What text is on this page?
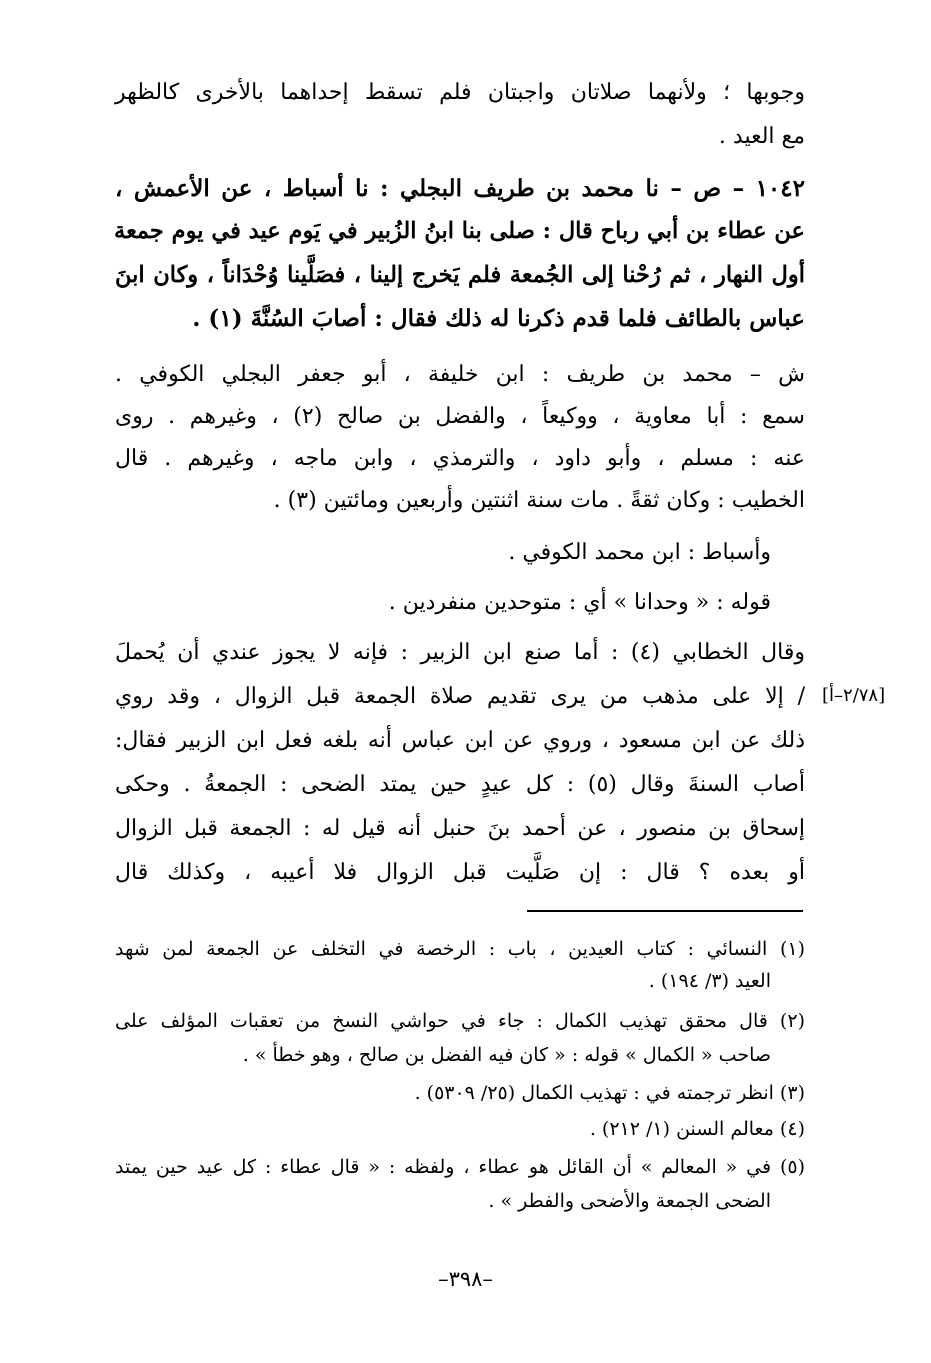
وجوبها ؛ ولأنهما صلاتان واجبتان فلم تسقط إحداهما بالأخرى كالظهر
مع العيد .
١٠٤٢ – ص – نا محمد بن طريف البجلي : نا أسباط ، عن الأعمش ،
عن عطاء بن أبي رباح قال : صلى بنا ابنُ الزُبير في يَوم عيد في يوم جمعة
أول النهار ، ثم رُحْنا إلى الجُمعة فلم يَخرج إلينا ، فصَلَّينا وُحْدَاناً ، وكان ابنَ
عباس بالطائف فلما قدم ذكرنا له ذلك فقال : أصابَ السُنَّةَ (١) .
ش – محمد بن طريف : ابن خليفة ، أبو جعفر البجلي الكوفي .
سمع : أبا معاوية ، ووكيعاً ، والفضل بن صالح (٢) ، وغيرهم . روى
عنه : مسلم ، وأبو داود ، والترمذي ، وابن ماجه ، وغيرهم . قال
الخطيب : وكان ثقةً . مات سنة اثنتين وأربعين ومائتين (٣) .
وأسباط : ابن محمد الكوفي .
قوله : « وحدانا » أي : متوحدين منفردين .
وقال الخطابي (٤) : أما صنع ابن الزبير : فإنه لا يجوز عندي أن يُحملَ
/ إلا على مذهب من يرى تقديم صلاة الجمعة قبل الزوال ، وقد روي
ذلك عن ابن مسعود ، وروي عن ابن عباس أنه بلغه فعل ابن الزبير فقال:
أصاب السنةَ وقال (٥) : كل عيدٍ حين يمتد الضحى : الجمعةُ . وحكى
إسحاق بن منصور ، عن أحمد بنَ حنبل أنه قيل له : الجمعة قبل الزوال
أو بعده ؟ قال : إن صَلَّيت قبل الزوال فلا أعيبه ، وكذلك قال
[٢/٧٨–أ]
(١) النسائي : كتاب العيدين ، باب : الرخصة في التخلف عن الجمعة لمن شهد
العيد (٣/ ١٩٤) .
(٢) قال محقق تهذيب الكمال : جاء في حواشي النسخ من تعقبات المؤلف على
صاحب « الكمال » قوله : « كان فيه الفضل بن صالح ، وهو خطأ » .
(٣) انظر ترجمته في : تهذيب الكمال (٢٥/ ٥٣٠٩) .
(٤) معالم السنن (١/ ٢١٢) .
(٥) في « المعالم » أن القائل هو عطاء ، ولفظه : « قال عطاء : كل عيد حين يمتد
الضحى الجمعة والأضحى والفطر » .
–٣٩٨–
